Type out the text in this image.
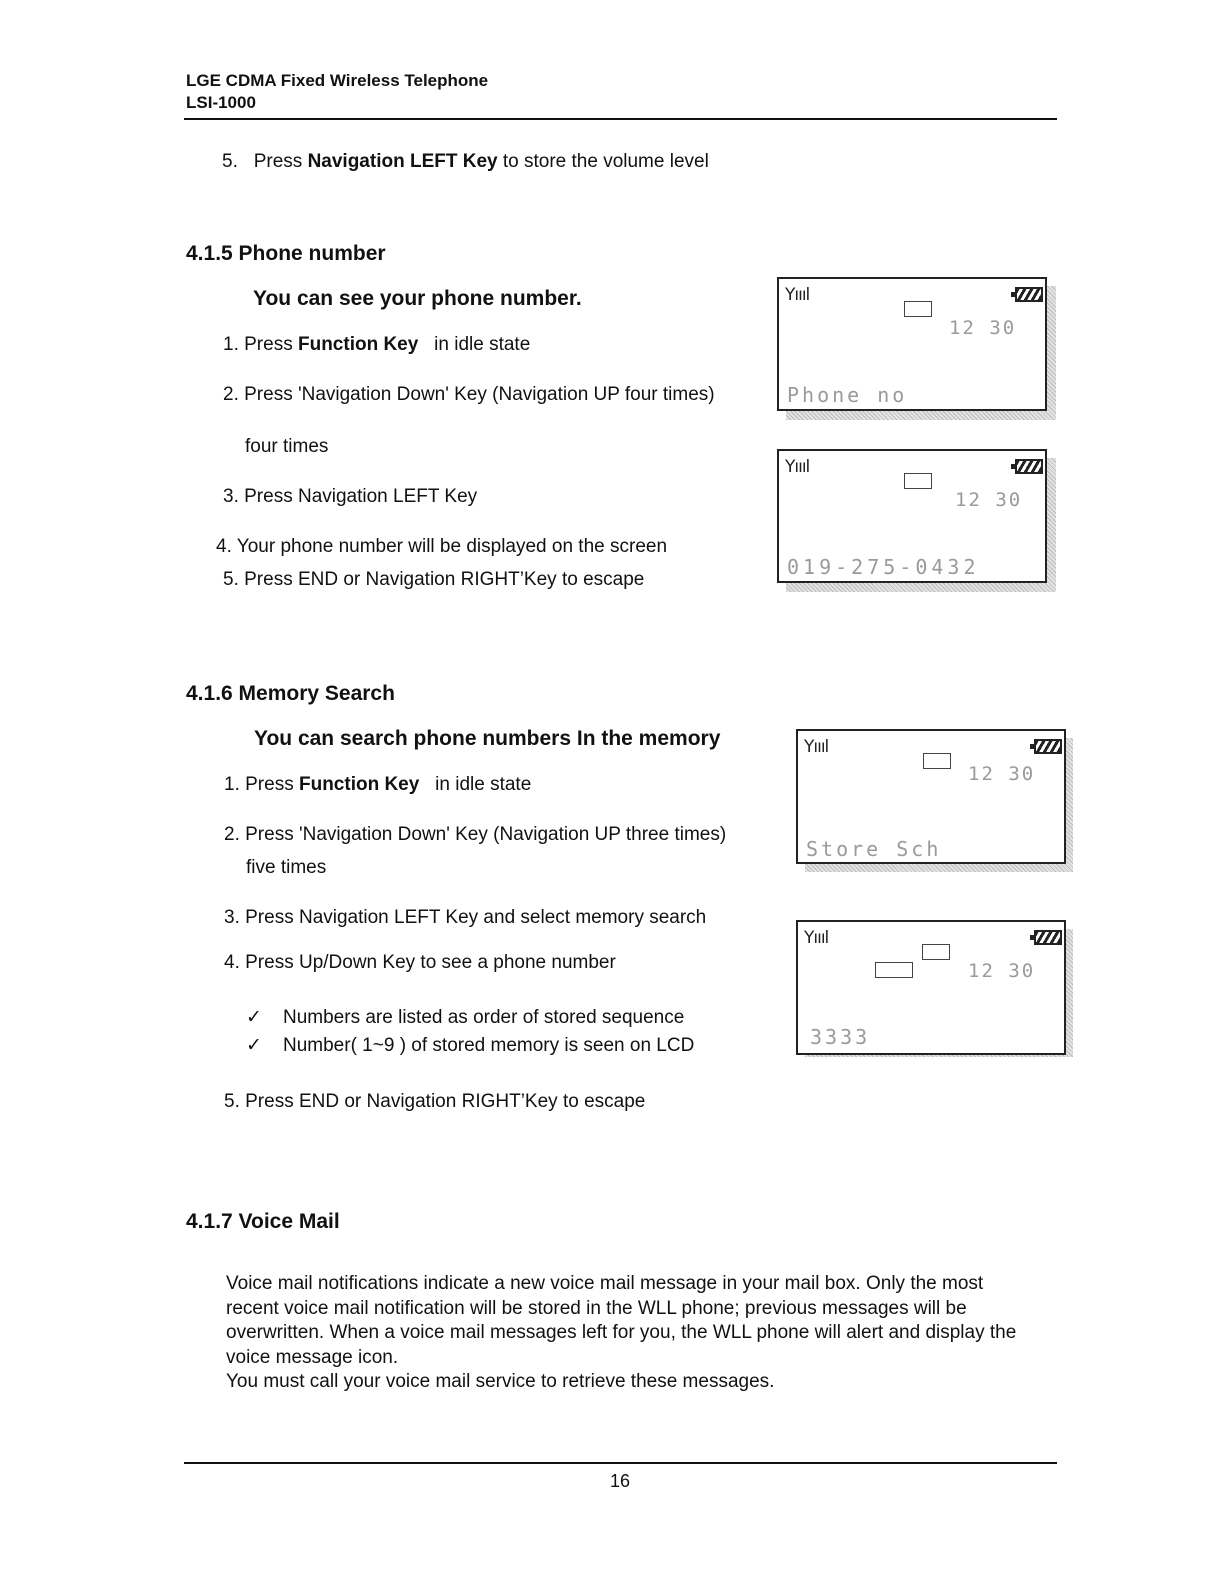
LGE CDMA Fixed Wireless Telephone
LSI-1000
5. Press Navigation LEFT Key to store the volume level
4.1.5 Phone number
You can see your phone number.
1. Press Function Key   in idle state
2. Press 'Navigation Down' Key (Navigation UP four times)
four times
3. Press Navigation LEFT Key
4. Your phone number will be displayed on the screen
5. Press END or Navigation RIGHT’Key to escape
Yıııl
12 30
Phone no
Yıııl
12 30
019-275-0432
4.1.6 Memory Search
You can search phone numbers In the memory
1. Press Function Key   in idle state
2. Press 'Navigation Down' Key (Navigation UP three times)
five times
3. Press Navigation LEFT Key and select memory search
4. Press Up/Down Key to see a phone number
✓ Numbers are listed as order of stored sequence
✓ Number( 1~9 ) of stored memory is seen on LCD
5. Press END or Navigation RIGHT’Key to escape
Yıııl
12 30
Store Sch
Yıııl
12 30
3333
4.1.7 Voice Mail
Voice mail notifications indicate a new voice mail message in your mail box. Only the most recent voice mail notification will be stored in the WLL phone; previous messages will be overwritten. When a voice mail messages left for you, the WLL phone will alert and display the voice message icon.
You must call your voice mail service to retrieve these messages.
16
